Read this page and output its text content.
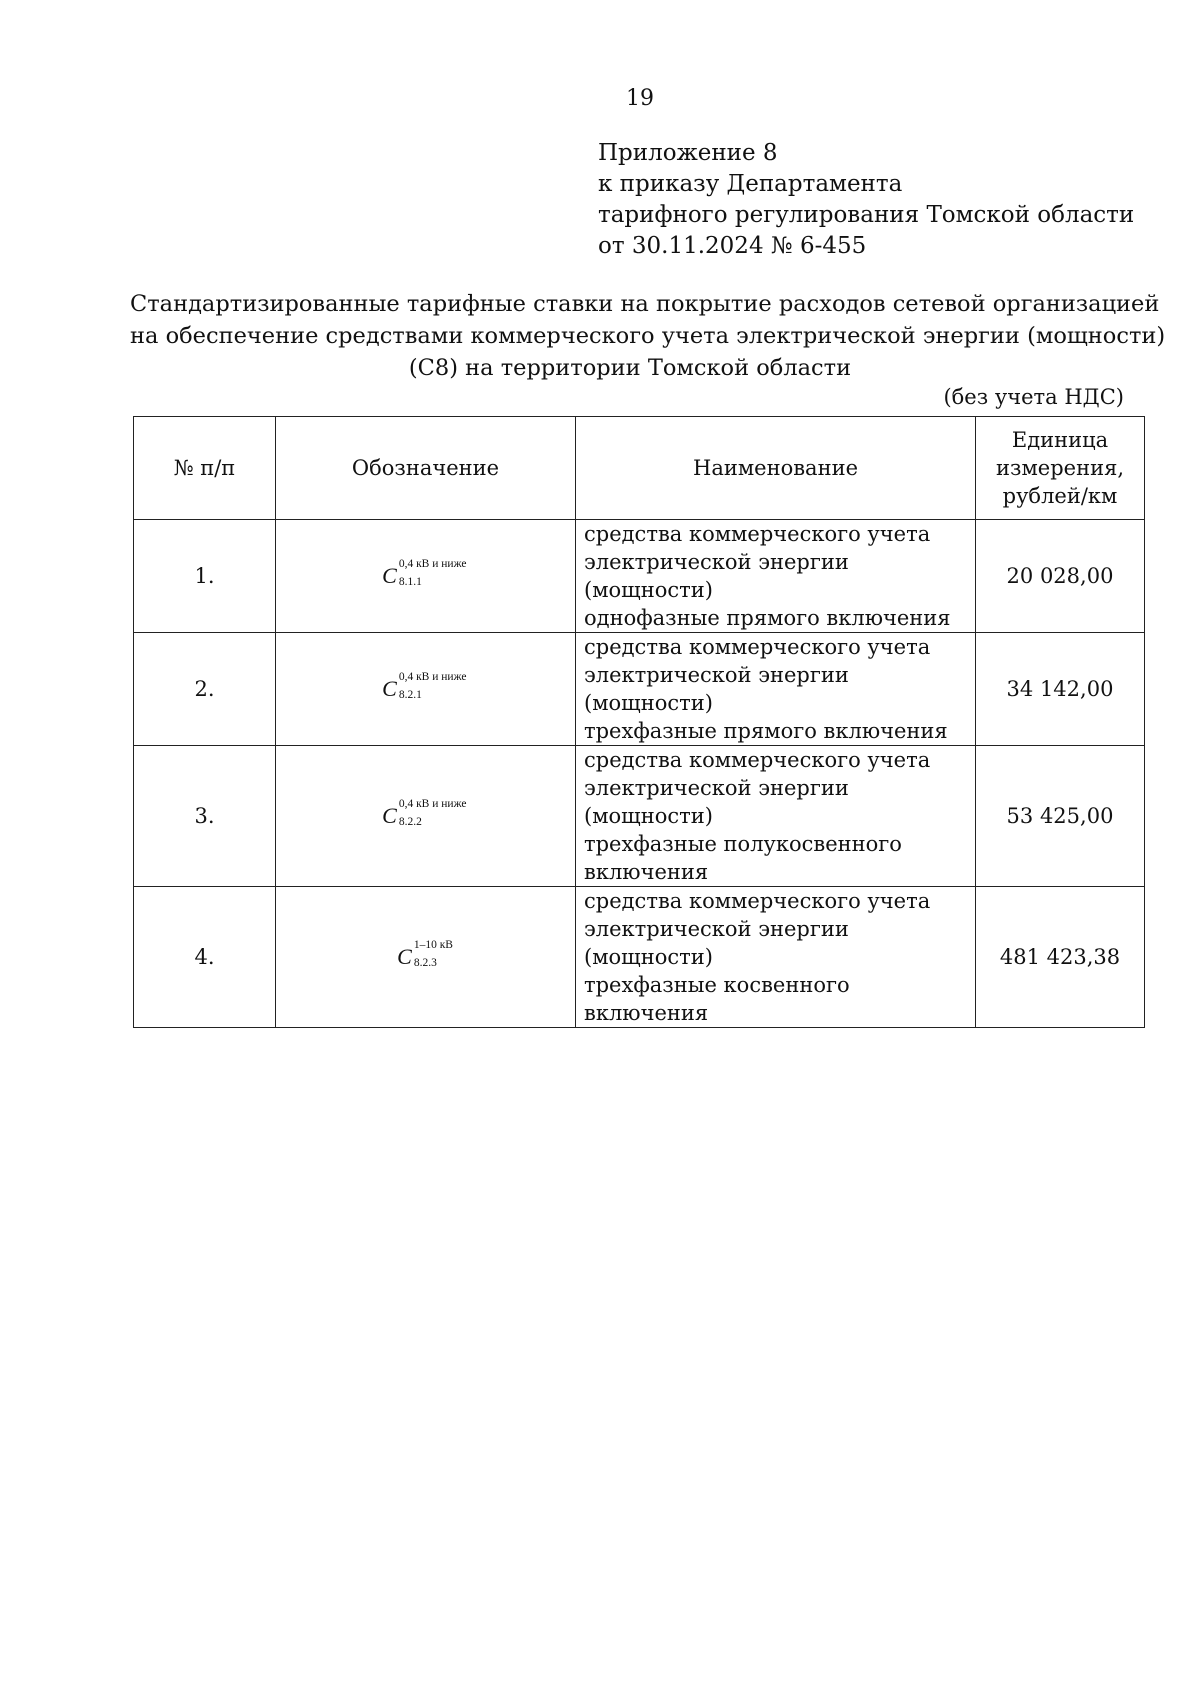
19
Приложение 8
к приказу Департамента
тарифного регулирования Томской области
от 30.11.2024 № 6-455
Стандартизированные тарифные ставки на покрытие расходов сетевой организацией
на обеспечение средствами коммерческого учета электрической энергии (мощности)
(С8) на территории Томской области
(без учета НДС)
№ п/п	Обозначение	Наименование	Единица
измерения,
рублей/км
1.	C 0,4 кВ и ниже
8.1.1	средства коммерческого учета
электрической энергии (мощности)
однофазные прямого включения	20 028,00
2.	C 0,4 кВ и ниже
8.2.1	средства коммерческого учета
электрической энергии (мощности)
трехфазные прямого включения	34 142,00
3.	C 0,4 кВ и ниже
8.2.2	средства коммерческого учета
электрической энергии (мощности)
трехфазные полукосвенного
включения	53 425,00
4.	C 1–10 кВ
8.2.3	средства коммерческого учета
электрической энергии (мощности)
трехфазные косвенного включения	481 423,38
